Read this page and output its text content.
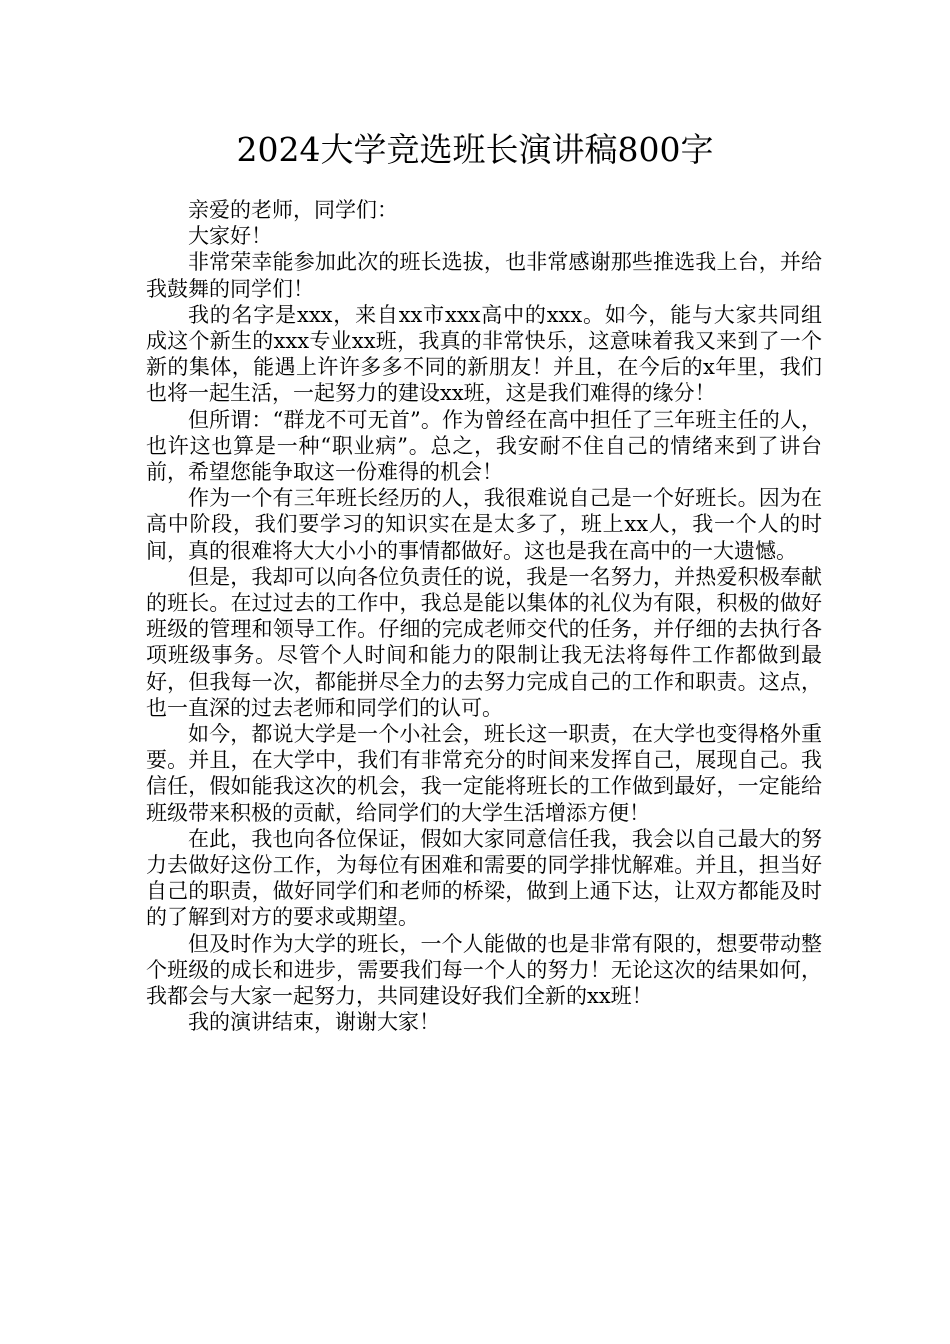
2024大学竞选班长演讲稿800字

亲爱的老师，同学们：

大家好！

非常荣幸能参加此次的班长选拔，也非常感谢那些推选我上台，并给我鼓舞的同学们！

我的名字是xxx，来自xx市xxx高中的xxx。如今，能与大家共同组成这个新生的xxx专业xx班，我真的非常快乐，这意味着我又来到了一个新的集体，能遇上许许多多不同的新朋友！并且，在今后的x年里，我们也将一起生活，一起努力的建设xx班，这是我们难得的缘分！

但所谓：“群龙不可无首”。作为曾经在高中担任了三年班主任的人，也许这也算是一种“职业病”。总之，我安耐不住自己的情绪来到了讲台前，希望您能争取这一份难得的机会！

作为一个有三年班长经历的人，我很难说自己是一个好班长。因为在高中阶段，我们要学习的知识实在是太多了，班上xx人，我一个人的时间，真的很难将大大小小的事情都做好。这也是我在高中的一大遗憾。

但是，我却可以向各位负责任的说，我是一名努力，并热爱积极奉献的班长。在过过去的工作中，我总是能以集体的礼仪为有限，积极的做好班级的管理和领导工作。仔细的完成老师交代的任务，并仔细的去执行各项班级事务。尽管个人时间和能力的限制让我无法将每件工作都做到最好，但我每一次，都能拼尽全力的去努力完成自己的工作和职责。这点，也一直深的过去老师和同学们的认可。

如今，都说大学是一个小社会，班长这一职责，在大学也变得格外重要。并且，在大学中，我们有非常充分的时间来发挥自己，展现自己。我信任，假如能我这次的机会，我一定能将班长的工作做到最好，一定能给班级带来积极的贡献，给同学们的大学生活增添方便！

在此，我也向各位保证，假如大家同意信任我，我会以自己最大的努力去做好这份工作，为每位有困难和需要的同学排忧解难。并且，担当好自己的职责，做好同学们和老师的桥梁，做到上通下达，让双方都能及时的了解到对方的要求或期望。

但及时作为大学的班长，一个人能做的也是非常有限的，想要带动整个班级的成长和进步，需要我们每一个人的努力！无论这次的结果如何，我都会与大家一起努力，共同建设好我们全新的xx班！

我的演讲结束，谢谢大家！
